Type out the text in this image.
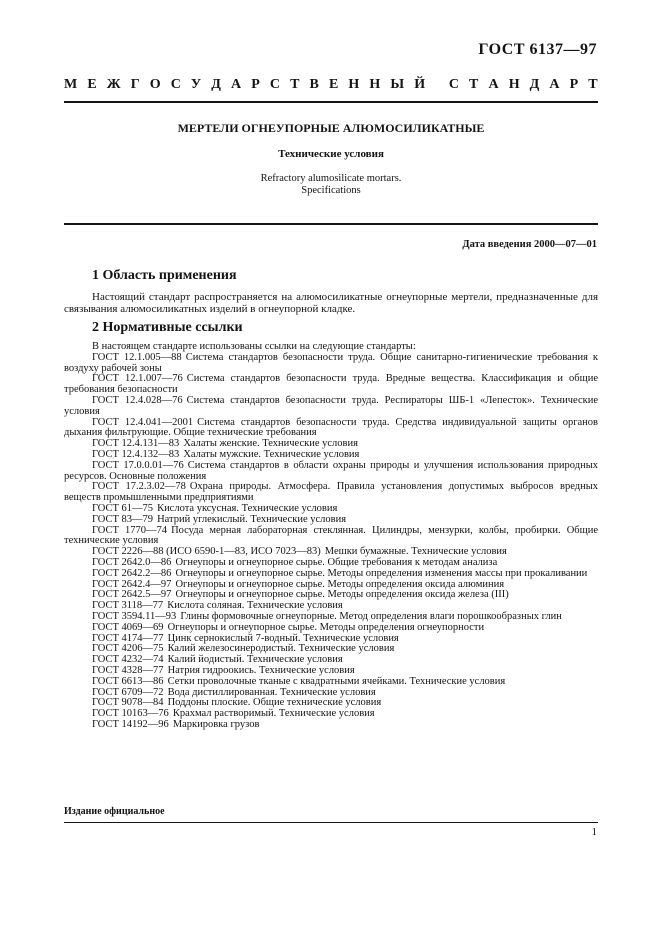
ГОСТ 6137—97
М Е Ж Г О С У Д А Р С Т В Е Н Н Ы Й
С Т А Н Д А Р Т
МЕРТЕЛИ ОГНЕУПОРНЫЕ АЛЮМОСИЛИКАТНЫЕ
Технические условия
Refractory alumosilicate mortars.
Specifications
Дата введения 2000—07—01
1 Область применения
Настоящий стандарт распространяется на алюмосиликатные огнеупорные мертели, предназначенные для связывания алюмосиликатных изделий в огнеупорной кладке.
2 Нормативные ссылки

В настоящем стандарте использованы ссылки на следующие стандарты:

ГОСТ 12.1.005—88 Система стандартов безопасности труда. Общие санитарно-гигиенические требования к воздуху рабочей зоны

ГОСТ 12.1.007—76 Система стандартов безопасности труда. Вредные вещества. Классификация и общие требования безопасности

ГОСТ 12.4.028—76 Система стандартов безопасности труда. Респираторы ШБ-1 «Лепесток». Технические условия

ГОСТ 12.4.041—2001 Система стандартов безопасности труда. Средства индивидуальной защиты органов дыхания фильтрующие. Общие технические требования

ГОСТ 12.4.131—83 Халаты женские. Технические условия

ГОСТ 12.4.132—83 Халаты мужские. Технические условия

ГОСТ 17.0.0.01—76 Система стандартов в области охраны природы и улучшения использования природных ресурсов. Основные положения

ГОСТ 17.2.3.02—78 Охрана природы. Атмосфера. Правила установления допустимых выбросов вредных веществ промышленными предприятиями

ГОСТ 61—75 Кислота уксусная. Технические условия

ГОСТ 83—79 Натрий углекислый. Технические условия

ГОСТ 1770—74 Посуда мерная лабораторная стеклянная. Цилиндры, мензурки, колбы, пробирки. Общие технические условия

ГОСТ 2226—88 (ИСО 6590-1—83, ИСО 7023—83) Мешки бумажные. Технические условия

ГОСТ 2642.0—86 Огнеупоры и огнеупорное сырье. Общие требования к методам анализа

ГОСТ 2642.2—86 Огнеупоры и огнеупорное сырье. Методы определения изменения массы при прокаливании

ГОСТ 2642.4—97 Огнеупоры и огнеупорное сырье. Методы определения оксида алюминия

ГОСТ 2642.5—97 Огнеупоры и огнеупорное сырье. Методы определения оксида железа (III)

ГОСТ 3118—77 Кислота соляная. Технические условия

ГОСТ 3594.11—93 Глины формовочные огнеупорные. Метод определения влаги порошкообразных глин

ГОСТ 4069—69 Огнеупоры и огнеупорное сырье. Методы определения огнеупорности

ГОСТ 4174—77 Цинк сернокислый 7-водный. Технические условия

ГОСТ 4206—75 Калий железосинеродистый. Технические условия

ГОСТ 4232—74 Калий йодистый. Технические условия

ГОСТ 4328—77 Натрия гидроокись. Технические условия

ГОСТ 6613—86 Сетки проволочные тканые с квадратными ячейками. Технические условия

ГОСТ 6709—72 Вода дистиллированная. Технические условия

ГОСТ 9078—84 Поддоны плоские. Общие технические условия

ГОСТ 10163—76 Крахмал растворимый. Технические условия

ГОСТ 14192—96 Маркировка грузов

Издание официальное
1
